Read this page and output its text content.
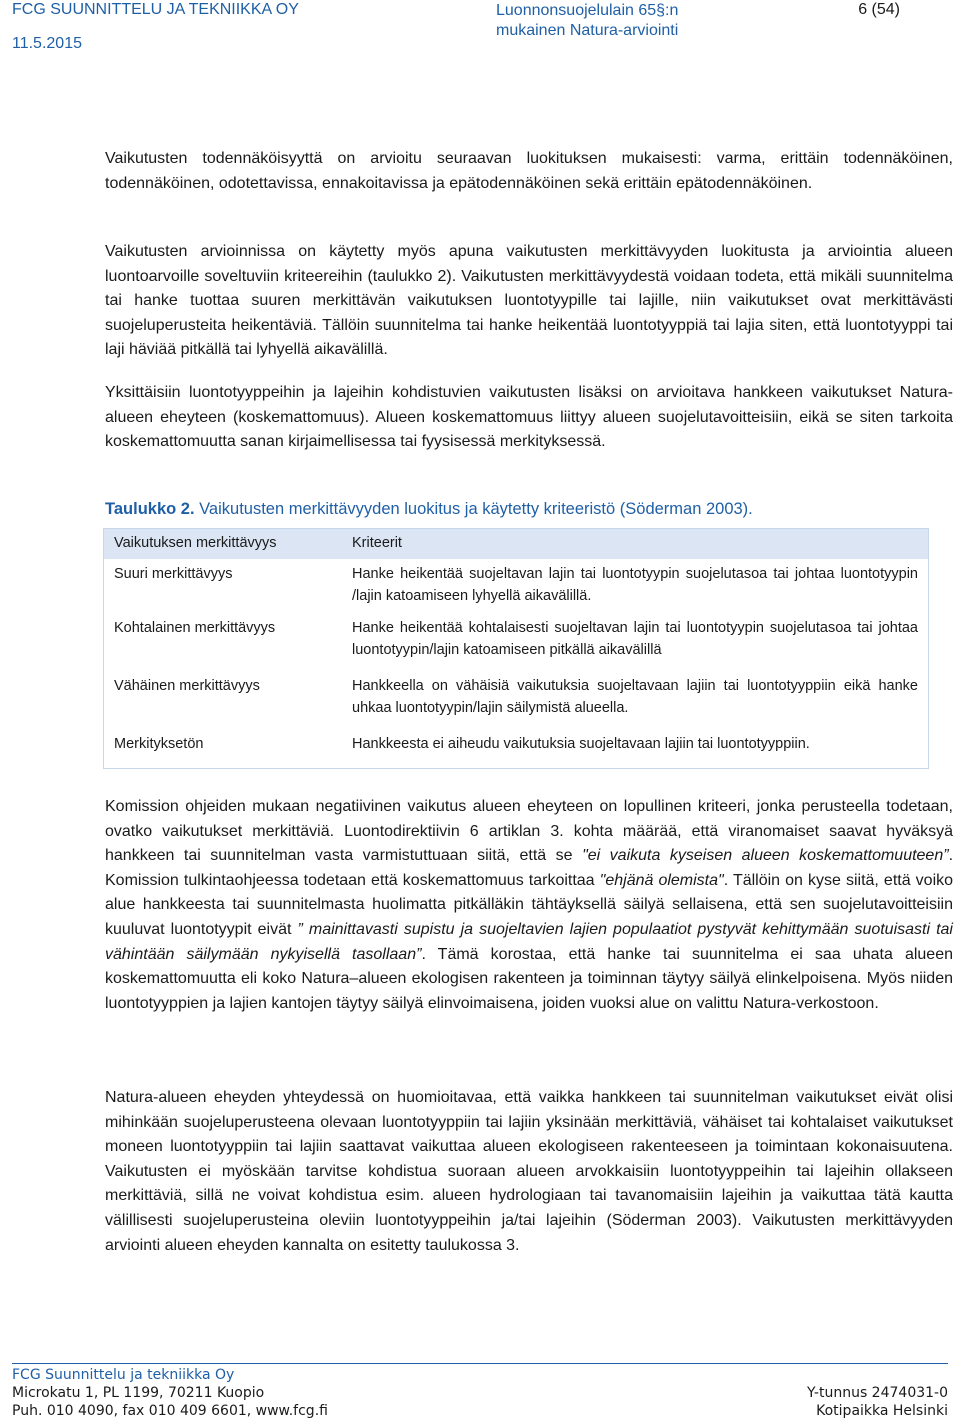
FCG SUUNNITTELU JA TEKNIIKKA OY
11.5.2015
Luonnonsuojelulain 65§:n
mukainen Natura-arviointi
6 (54)

Vaikutusten todennäköisyyttä on arvioitu seuraavan luokituksen mukaisesti: varma, erittäin todennäköinen, todennäköinen, odotettavissa, ennakoitavissa ja epätodennäköinen sekä erittäin epätodennäköinen.

Vaikutusten arvioinnissa on käytetty myös apuna vaikutusten merkittävyyden luokitusta ja arviointia alueen luontoarvoille soveltuviin kriteereihin (taulukko 2). Vaikutusten merkittävyydestä voidaan todeta, että mikäli suunnitelma tai hanke tuottaa suuren merkittävän vaikutuksen luontotyypille tai lajille, niin vaikutukset ovat merkittävästi suojeluperusteita heikentäviä. Tällöin suunnitelma tai hanke heikentää luontotyyppiä tai lajia siten, että luontotyyppi tai laji häviää pitkällä tai lyhyellä aikavälillä.

Yksittäisiin luontotyyppeihin ja lajeihin kohdistuvien vaikutusten lisäksi on arvioitava hankkeen vaikutukset Natura-alueen eheyteen (koskemattomuus). Alueen koskemattomuus liittyy alueen suojelutavoitteisiin, eikä se siten tarkoita koskemattomuutta sanan kirjaimellisessa tai fyysisessä merkityksessä.

Taulukko 2. Vaikutusten merkittävyyden luokitus ja käytetty kriteeristö (Söderman 2003).

Vaikutuksen merkittävyys	Kriteerit
Suuri merkittävyys	Hanke heikentää suojeltavan lajin tai luontotyypin suojelutasoa tai johtaa luontotyypin /lajin katoamiseen lyhyellä aikavälillä.
Kohtalainen merkittävyys	Hanke heikentää kohtalaisesti suojeltavan lajin tai luontotyypin suojelutasoa tai johtaa luontotyypin/lajin katoamiseen pitkällä aikavälillä
Vähäinen merkittävyys	Hankkeella on vähäisiä vaikutuksia suojeltavaan lajiin tai luontotyyppiin eikä hanke uhkaa luontotyypin/lajin säilymistä alueella.
Merkityksetön	Hankkeesta ei aiheudu vaikutuksia suojeltavaan lajiin tai luontotyyppiin.

Komission ohjeiden mukaan negatiivinen vaikutus alueen eheyteen on lopullinen kriteeri, jonka perusteella todetaan, ovatko vaikutukset merkittäviä. Luontodirektiivin 6 artiklan 3. kohta määrää, että viranomaiset saavat hyväksyä hankkeen tai suunnitelman vasta varmistuttuaan siitä, että se "ei vaikuta kyseisen alueen koskemattomuuteen”. Komission tulkintaohjeessa todetaan että koskemattomuus tarkoittaa "ehjänä olemista". Tällöin on kyse siitä, että voiko alue hankkeesta tai suunnitelmasta huolimatta pitkälläkin tähtäyksellä säilyä sellaisena, että sen suojelutavoitteisiin kuuluvat luontotyypit eivät ” mainittavasti supistu ja suojeltavien lajien populaatiot pystyvät kehittymään suotuisasti tai vähintään säilymään nykyisellä tasollaan”. Tämä korostaa, että hanke tai suunnitelma ei saa uhata alueen koskemattomuutta eli koko Natura–alueen ekologisen rakenteen ja toiminnan täytyy säilyä elinkelpoisena. Myös niiden luontotyyppien ja lajien kantojen täytyy säilyä elinvoimaisena, joiden vuoksi alue on valittu Natura-verkostoon.

Natura-alueen eheyden yhteydessä on huomioitavaa, että vaikka hankkeen tai suunnitelman vaikutukset eivät olisi mihinkään suojeluperusteena olevaan luontotyyppiin tai lajiin yksinään merkittäviä, vähäiset tai kohtalaiset vaikutukset moneen luontotyyppiin tai lajiin saattavat vaikuttaa alueen ekologiseen rakenteeseen ja toimintaan kokonaisuutena. Vaikutusten ei myöskään tarvitse kohdistua suoraan alueen arvokkaisiin luontotyyppeihin tai lajeihin ollakseen merkittäviä, sillä ne voivat kohdistua esim. alueen hydrologiaan tai tavanomaisiin lajeihin ja vaikuttaa tätä kautta välillisesti suojeluperusteina oleviin luontotyyppeihin ja/tai lajeihin (Söderman 2003). Vaikutusten merkittävyyden arviointi alueen eheyden kannalta on esitetty taulukossa 3.

FCG Suunnittelu ja tekniikka Oy
Microkatu 1, PL 1199, 70211 Kuopio
Puh. 010 4090, fax 010 409 6601, www.fcg.fi
Y-tunnus 2474031-0
Kotipaikka Helsinki
